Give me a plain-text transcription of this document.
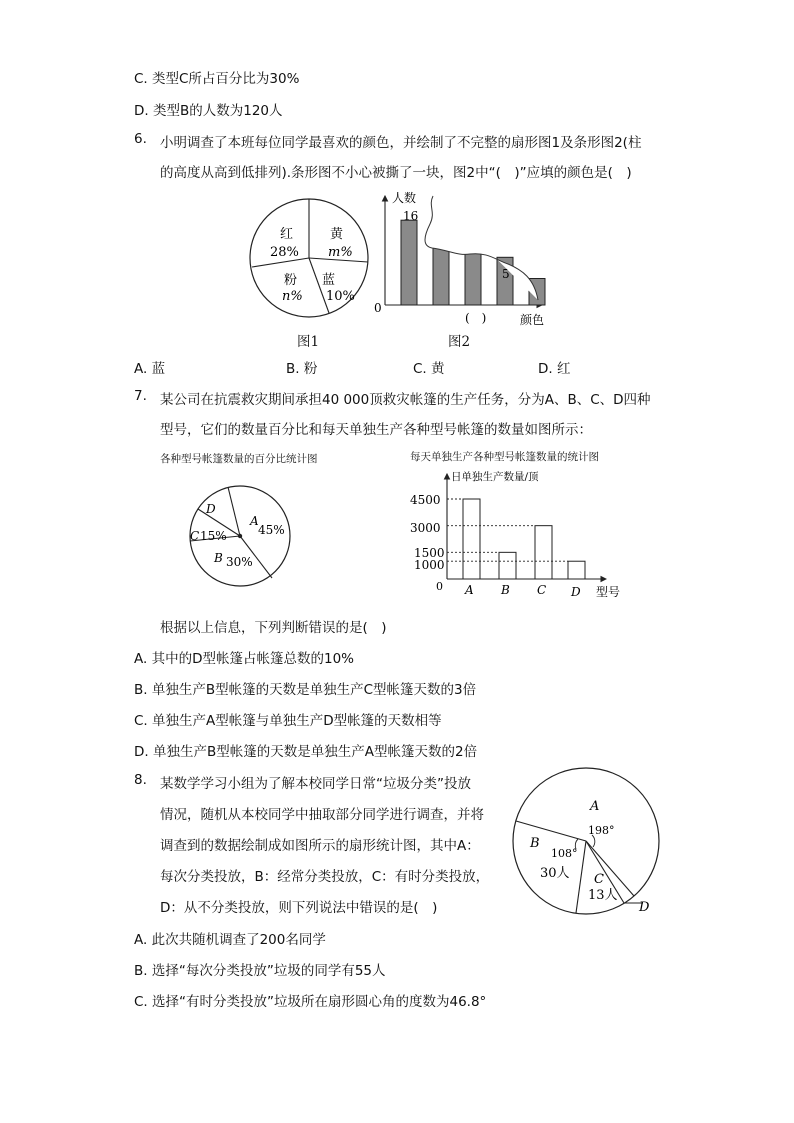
C. 类型C所占百分比为30%
D. 类型B的人数为120人
6. 小明调查了本班每位同学最喜欢的颜色，并绘制了不完整的扇形图1及条形图2(柱
的高度从高到低排列).条形图不小心被撕了一块，图2中“(　)”应填的颜色是(　)
红
28%
黄
m%
粉
n%
蓝
10%
图1
人数
0
16
5
(　)	颜色
图2
A. 蓝	B. 粉	C. 黄	D. 红
7. 某公司在抗震救灾期间承担40 000顶救灾帐篷的生产任务，分为A、B、C、D四种
型号，它们的数量百分比和每天单独生产各种型号帐篷的数量如图所示：
各种型号帐篷数量的百分比统计图	每天单独生产各种型号帐篷数量的统计图
D
A
45%
C 15%
B 30%
日单独生产数量/顶
0
4500
3000
1500
1000
A B C D 型号
根据以上信息，下列判断错误的是(　)
A. 其中的D型帐篷占帐篷总数的10%
B. 单独生产B型帐篷的天数是单独生产C型帐篷天数的3倍
C. 单独生产A型帐篷与单独生产D型帐篷的天数相等
D. 单独生产B型帐篷的天数是单独生产A型帐篷天数的2倍
8. 某数学学习小组为了解本校同学日常“垃圾分类”投放
情况，随机从本校同学中抽取部分同学进行调查，并将
调查到的数据绘制成如图所示的扇形统计图，其中A：
每次分类投放，B：经常分类投放，C：有时分类投放，
D：从不分类投放，则下列说法中错误的是(　)
A
198°
B
108°
30人 C
13人
D
A. 此次共随机调查了200名同学
B. 选择“每次分类投放”垃圾的同学有55人
C. 选择“有时分类投放”垃圾所在扇形圆心角的度数为46.8°
